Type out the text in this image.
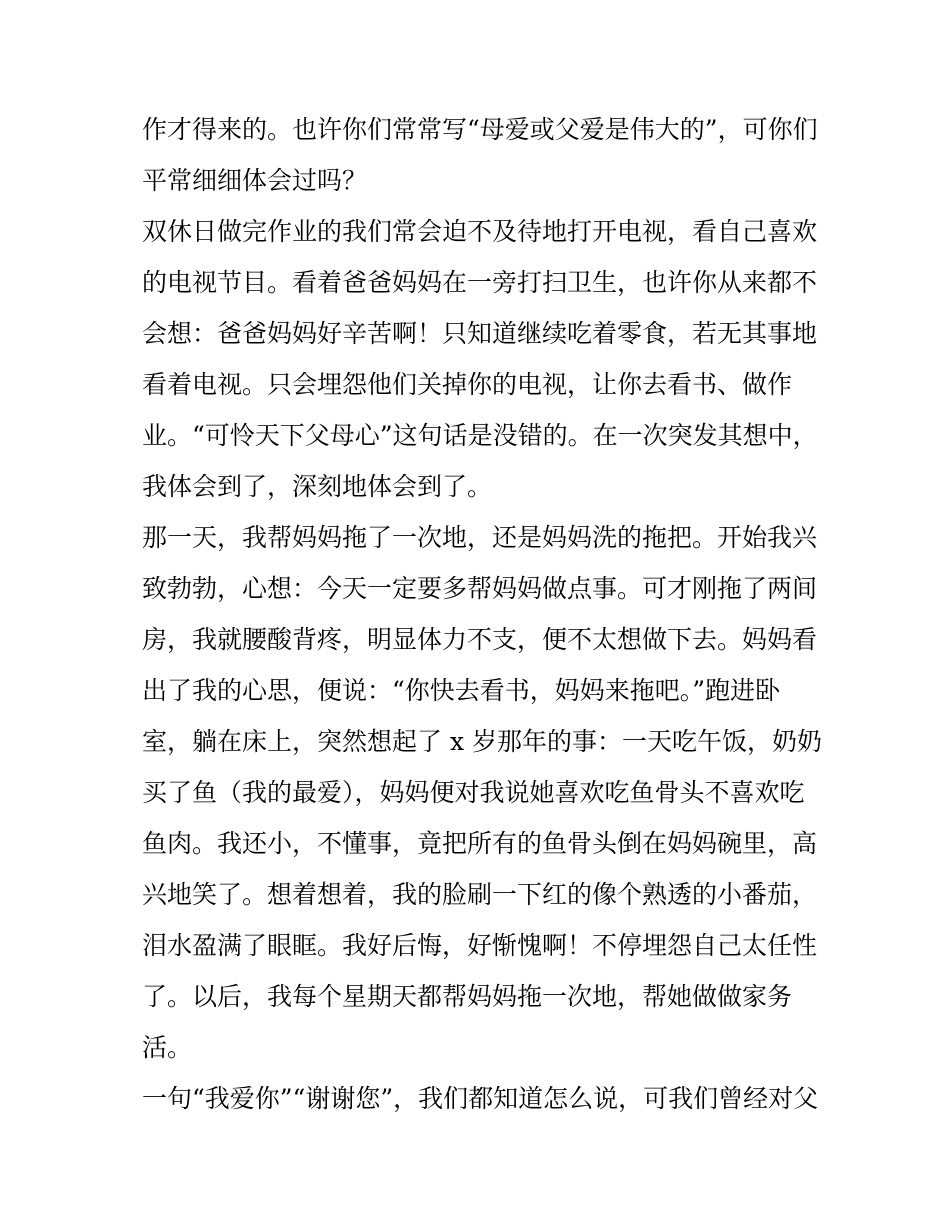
作才得来的。也许你们常常写“母爱或父爱是伟大的”，可你们
平常细细体会过吗？
双休日做完作业的我们常会迫不及待地打开电视，看自己喜欢
的电视节目。看着爸爸妈妈在一旁打扫卫生，也许你从来都不
会想：爸爸妈妈好辛苦啊！只知道继续吃着零食，若无其事地
看着电视。只会埋怨他们关掉你的电视，让你去看书、做作
业。“可怜天下父母心”这句话是没错的。在一次突发其想中，
我体会到了，深刻地体会到了。
那一天，我帮妈妈拖了一次地，还是妈妈洗的拖把。开始我兴
致勃勃，心想：今天一定要多帮妈妈做点事。可才刚拖了两间
房，我就腰酸背疼，明显体力不支，便不太想做下去。妈妈看
出了我的心思，便说：“你快去看书，妈妈来拖吧。”跑进卧
室，躺在床上，突然想起了 x 岁那年的事：一天吃午饭，奶奶
买了鱼（我的最爱），妈妈便对我说她喜欢吃鱼骨头不喜欢吃
鱼肉。我还小，不懂事，竟把所有的鱼骨头倒在妈妈碗里，高
兴地笑了。想着想着，我的脸刷一下红的像个熟透的小番茄，
泪水盈满了眼眶。我好后悔，好惭愧啊！不停埋怨自己太任性
了。以后，我每个星期天都帮妈妈拖一次地，帮她做做家务
活。
一句“我爱你”“谢谢您”，我们都知道怎么说，可我们曾经对父
